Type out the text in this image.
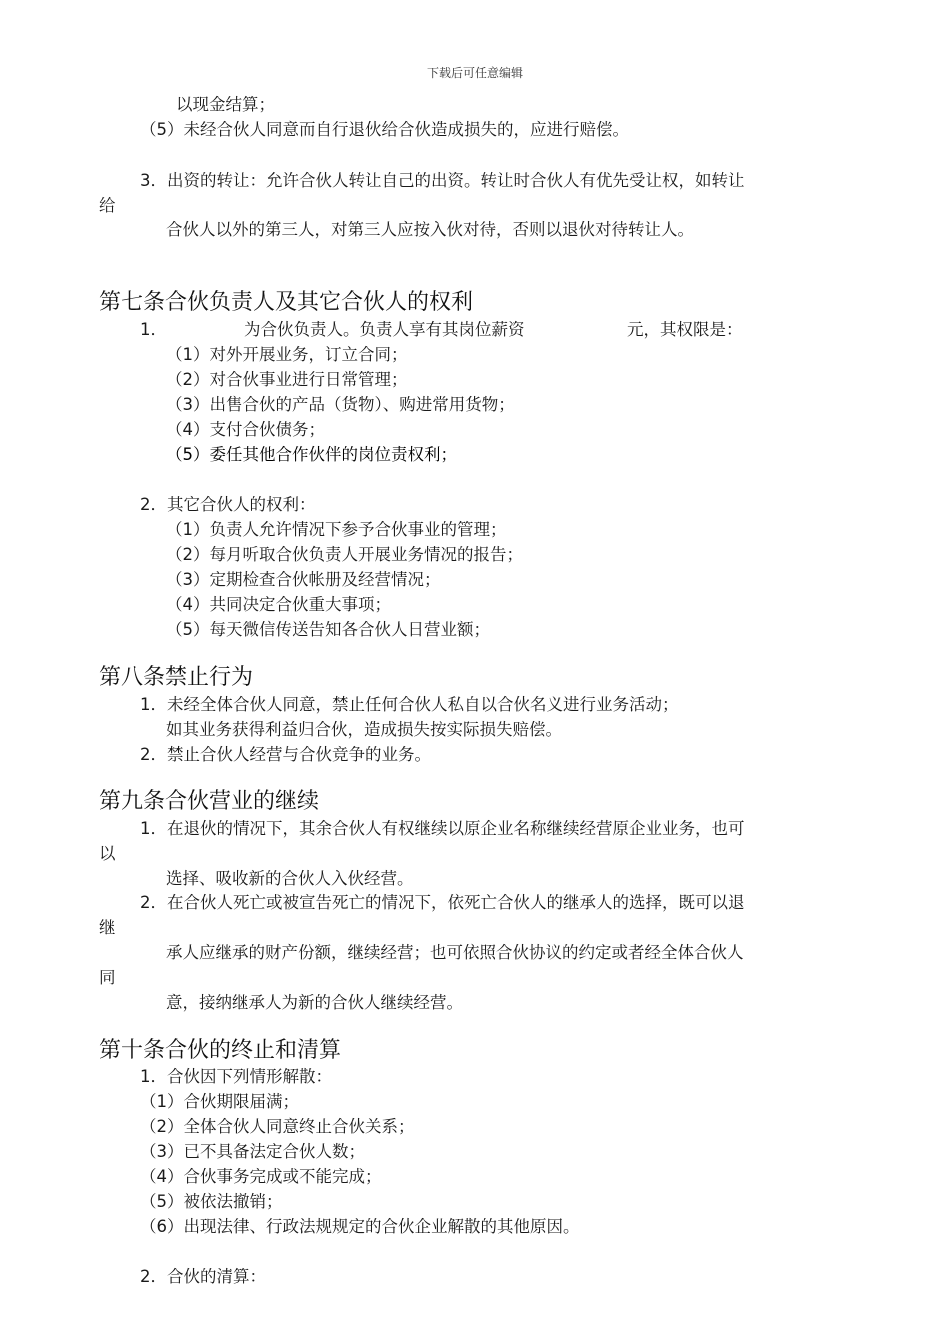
下载后可任意编辑
以现金结算；
（5）未经合伙人同意而自行退伙给合伙造成损失的，应进行赔偿。
3．出资的转让：允许合伙人转让自己的出资。转让时合伙人有优先受让权，如转让
给
合伙人以外的第三人，对第三人应按入伙对待，否则以退伙对待转让人。
第七条合伙负责人及其它合伙人的权利
1．	为合伙负责人。负责人享有其岗位薪资	元，其权限是：
（1）对外开展业务，订立合同；
（2）对合伙事业进行日常管理；
（3）出售合伙的产品（货物）、购进常用货物；
（4）支付合伙债务；
（5）委任其他合作伙伴的岗位责权利；
2．其它合伙人的权利：
（1）负责人允许情况下参予合伙事业的管理；
（2）每月听取合伙负责人开展业务情况的报告；
（3）定期检查合伙帐册及经营情况；
（4）共同决定合伙重大事项；
（5）每天微信传送告知各合伙人日营业额；
第八条禁止行为
1．未经全体合伙人同意，禁止任何合伙人私自以合伙名义进行业务活动；
如其业务获得利益归合伙，造成损失按实际损失赔偿。
2．禁止合伙人经营与合伙竞争的业务。
第九条合伙营业的继续
1．在退伙的情况下，其余合伙人有权继续以原企业名称继续经营原企业业务，也可
以
选择、吸收新的合伙人入伙经营。
2．在合伙人死亡或被宣告死亡的情况下，依死亡合伙人的继承人的选择，既可以退
继
承人应继承的财产份额，继续经营；也可依照合伙协议的约定或者经全体合伙人
同
意，接纳继承人为新的合伙人继续经营。
第十条合伙的终止和清算
1．合伙因下列情形解散：
（1）合伙期限届满；
（2）全体合伙人同意终止合伙关系；
（3）已不具备法定合伙人数；
（4）合伙事务完成或不能完成；
（5）被依法撤销；
（6）出现法律、行政法规规定的合伙企业解散的其他原因。
2．合伙的清算：
